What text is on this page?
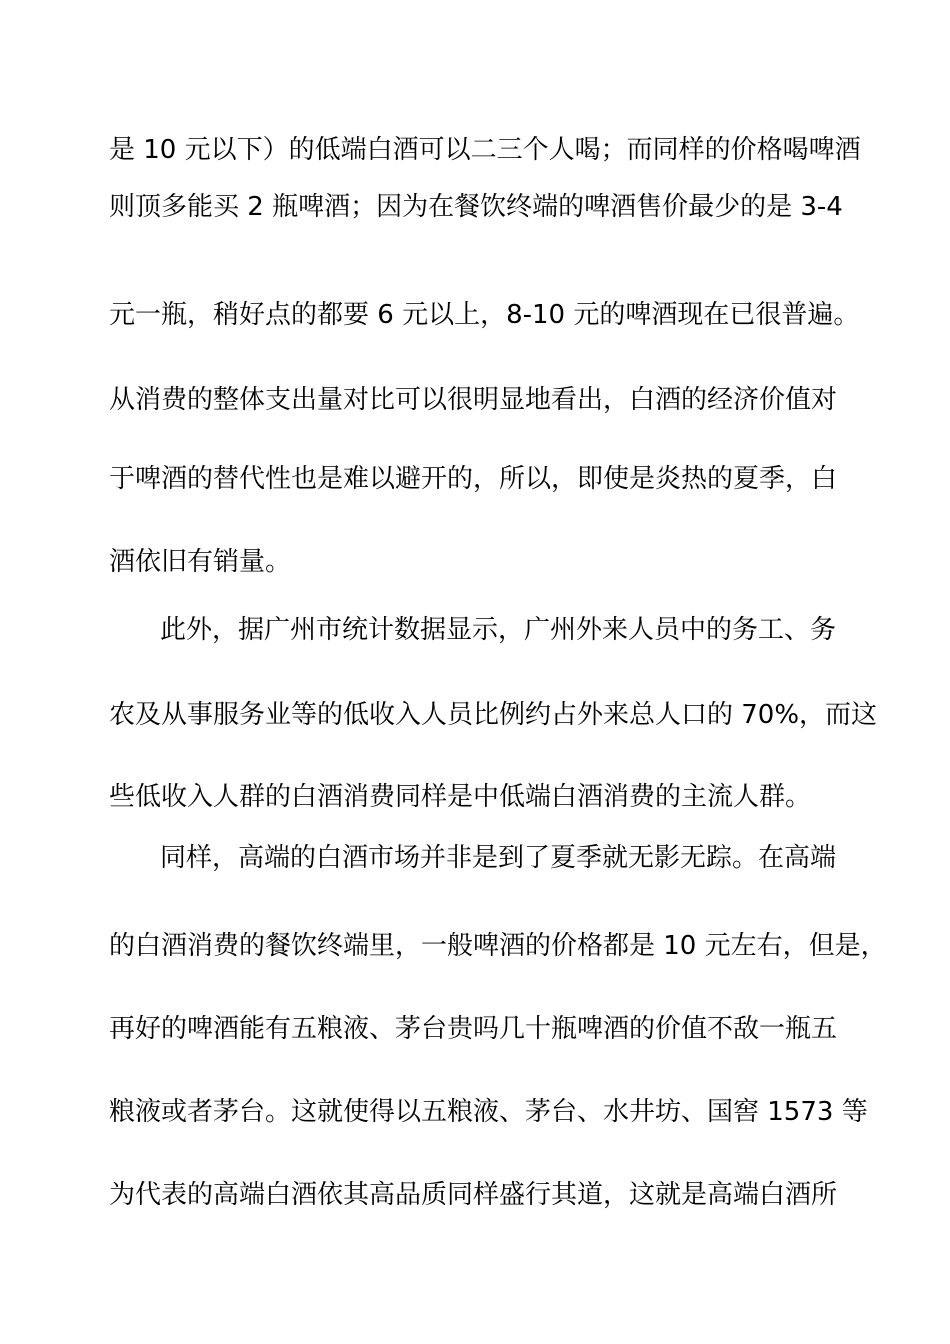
是 10 元以下）的低端白酒可以二三个人喝；而同样的价格喝啤酒
则顶多能买 2 瓶啤酒；因为在餐饮终端的啤酒售价最少的是 3-4
元一瓶，稍好点的都要 6 元以上，8-10 元的啤酒现在已很普遍。
从消费的整体支出量对比可以很明显地看出，白酒的经济价值对
于啤酒的替代性也是难以避开的，所以，即使是炎热的夏季，白
酒依旧有销量。
此外，据广州市统计数据显示，广州外来人员中的务工、务
农及从事服务业等的低收入人员比例约占外来总人口的 70%，而这
些低收入人群的白酒消费同样是中低端白酒消费的主流人群。
同样，高端的白酒市场并非是到了夏季就无影无踪。在高端
的白酒消费的餐饮终端里，一般啤酒的价格都是 10 元左右，但是，
再好的啤酒能有五粮液、茅台贵吗几十瓶啤酒的价值不敌一瓶五
粮液或者茅台。这就使得以五粮液、茅台、水井坊、国窖 1573 等
为代表的高端白酒依其高品质同样盛行其道，这就是高端白酒所
